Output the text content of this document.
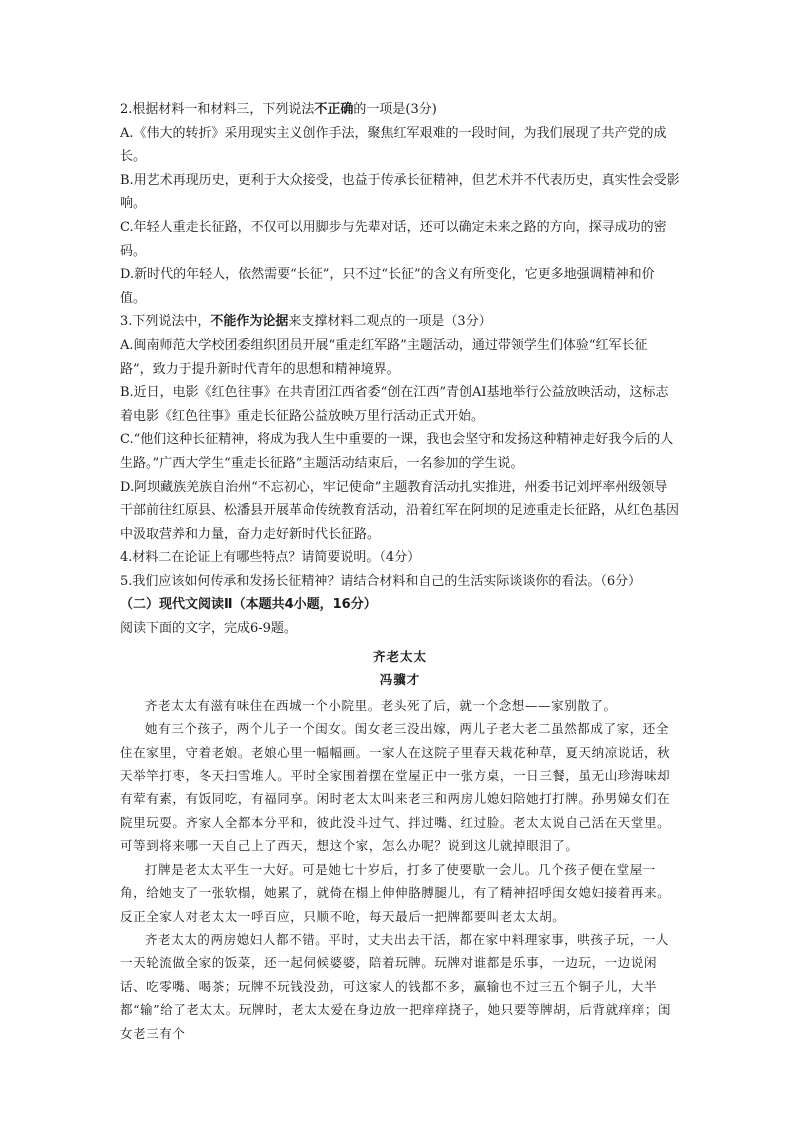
2.根据材料一和材料三，下列说法不正确的一项是(3分)

A.《伟大的转折》采用现实主义创作手法，聚焦红军艰难的一段时间，为我们展现了共产党的成长。

B.用艺术再现历史，更利于大众接受，也益于传承长征精神，但艺术并不代表历史，真实性会受影响。

C.年轻人重走长征路，不仅可以用脚步与先辈对话，还可以确定未来之路的方向，探寻成功的密码。

D.新时代的年轻人，依然需要“长征”，只不过“长征”的含义有所变化，它更多地强调精神和价值。

3.下列说法中，不能作为论据来支撑材料二观点的一项是（3分）

A.闽南师范大学校团委组织团员开展“重走红军路”主题活动，通过带领学生们体验“红军长征路”，致力于提升新时代青年的思想和精神境界。

B.近日，电影《红色往事》在共青团江西省委“创在江西”青创AI基地举行公益放映活动，这标志着电影《红色往事》重走长征路公益放映万里行活动正式开始。

C.“他们这种长征精神，将成为我人生中重要的一课，我也会坚守和发扬这种精神走好我今后的人生路。”广西大学生“重走长征路”主题活动结束后，一名参加的学生说。

D.阿坝藏族羌族自治州“不忘初心，牢记使命”主题教育活动扎实推进，州委书记刘坪率州级领导干部前往红原县、松潘县开展革命传统教育活动，沿着红军在阿坝的足迹重走长征路，从红色基因中汲取营养和力量，奋力走好新时代长征路。

4.材料二在论证上有哪些特点？请简要说明。（4分）

5.我们应该如何传承和发扬长征精神？请结合材料和自己的生活实际谈谈你的看法。（6分）

（二）现代文阅读Ⅱ（本题共4小题，16分）

阅读下面的文字，完成6-9题。

齐老太太

冯骥才

齐老太太有滋有味住在西城一个小院里。老头死了后，就一个念想——家别散了。

她有三个孩子，两个儿子一个闺女。闺女老三没出嫁，两儿子老大老二虽然都成了家，还全住在家里，守着老娘。老娘心里一幅幅画。一家人在这院子里春天栽花种草，夏天纳凉说话，秋天举竿打枣，冬天扫雪堆人。平时全家围着摆在堂屋正中一张方桌，一日三餐，虽无山珍海味却有荤有素，有饭同吃，有福同享。闲时老太太叫来老三和两房儿媳妇陪她打打牌。孙男娣女们在院里玩耍。齐家人全都本分平和，彼此没斗过气、拌过嘴、红过脸。老太太说自己活在天堂里。可等到将来哪一天自己上了西天，想这个家，怎么办呢？说到这儿就掉眼泪了。

打牌是老太太平生一大好。可是她七十岁后，打多了使要歇一会儿。几个孩子便在堂屋一角，给她支了一张软榻，她累了，就倚在榻上伸伸胳膊腿儿，有了精神招呼闺女媳妇接着再来。反正全家人对老太太一呼百应，只顺不呛，每天最后一把牌都要叫老太太胡。

齐老太太的两房媳妇人都不错。平时，丈夫出去干活，都在家中料理家事，哄孩子玩，一人一天轮流做全家的饭菜，还一起伺候婆婆，陪着玩牌。玩牌对谁都是乐事，一边玩，一边说闲话、吃零嘴、喝茶；玩牌不玩钱没劲，可这家人的钱都不多，赢输也不过三五个铜子儿，大半都“输”给了老太太。玩牌时，老太太爱在身边放一把痒痒挠子，她只要等牌胡，后背就痒痒；闺女老三有个
